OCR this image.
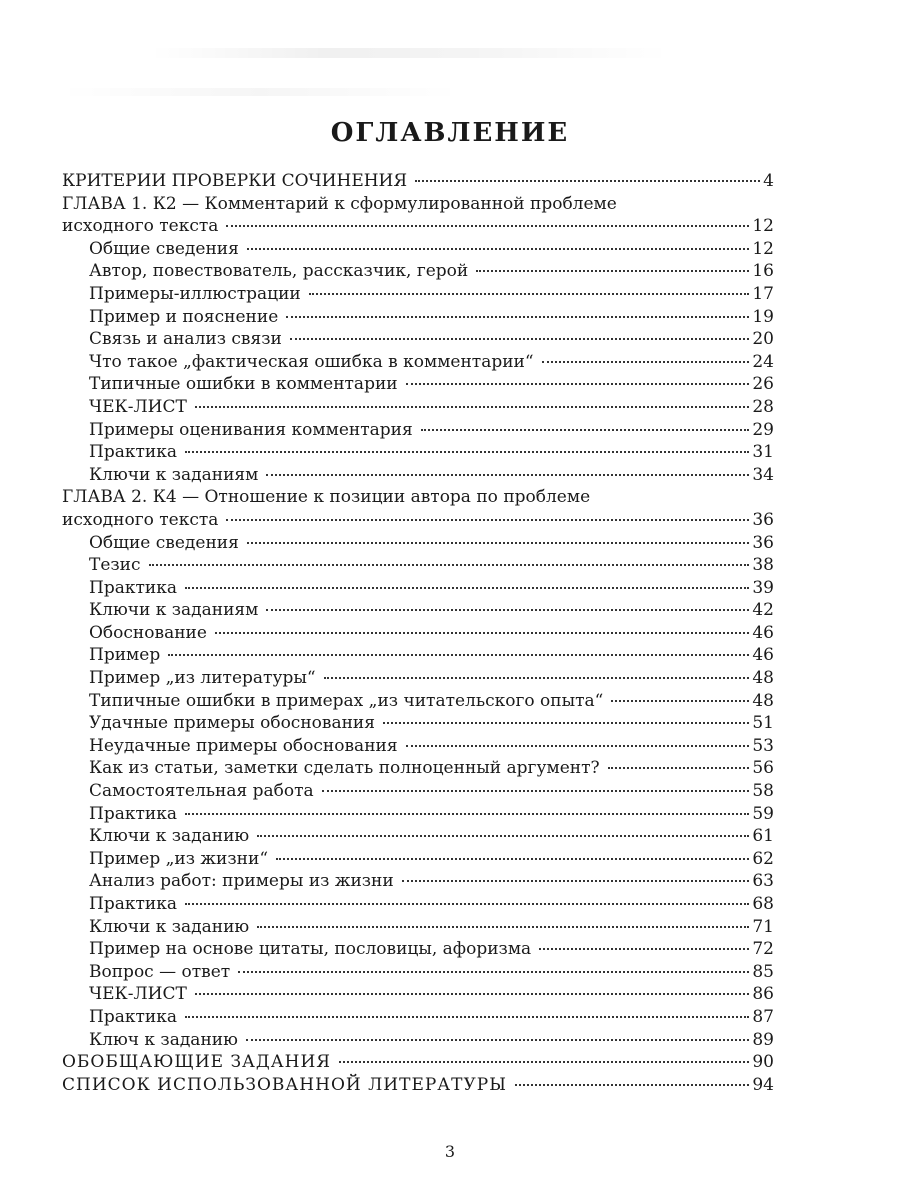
ОГЛАВЛЕНИЕ
КРИТЕРИИ ПРОВЕРКИ СОЧИНЕНИЯ	4
ГЛАВА 1. К2 — Комментарий к сформулированной проблеме
исходного текста	12
Общие сведения	12
Автор, повествователь, рассказчик, герой	16
Примеры-иллюстрации	17
Пример и пояснение	19
Связь и анализ связи	20
Что такое „фактическая ошибка в комментарии“	24
Типичные ошибки в комментарии	26
ЧЕК-ЛИСТ	28
Примеры оценивания комментария	29
Практика	31
Ключи к заданиям	34
ГЛАВА 2. К4 — Отношение к позиции автора по проблеме
исходного текста	36
Общие сведения	36
Тезис	38
Практика	39
Ключи к заданиям	42
Обоснование	46
Пример	46
Пример „из литературы“	48
Типичные ошибки в примерах „из читательского опыта“	48
Удачные примеры обоснования	51
Неудачные примеры обоснования	53
Как из статьи, заметки сделать полноценный аргумент?	56
Самостоятельная работа	58
Практика	59
Ключи к заданию	61
Пример „из жизни“	62
Анализ работ: примеры из жизни	63
Практика	68
Ключи к заданию	71
Пример на основе цитаты, пословицы, афоризма	72
Вопрос — ответ	85
ЧЕК-ЛИСТ	86
Практика	87
Ключ к заданию	89
ОБОБЩАЮЩИЕ ЗАДАНИЯ	90
СПИСОК ИСПОЛЬЗОВАННОЙ ЛИТЕРАТУРЫ	94
3
